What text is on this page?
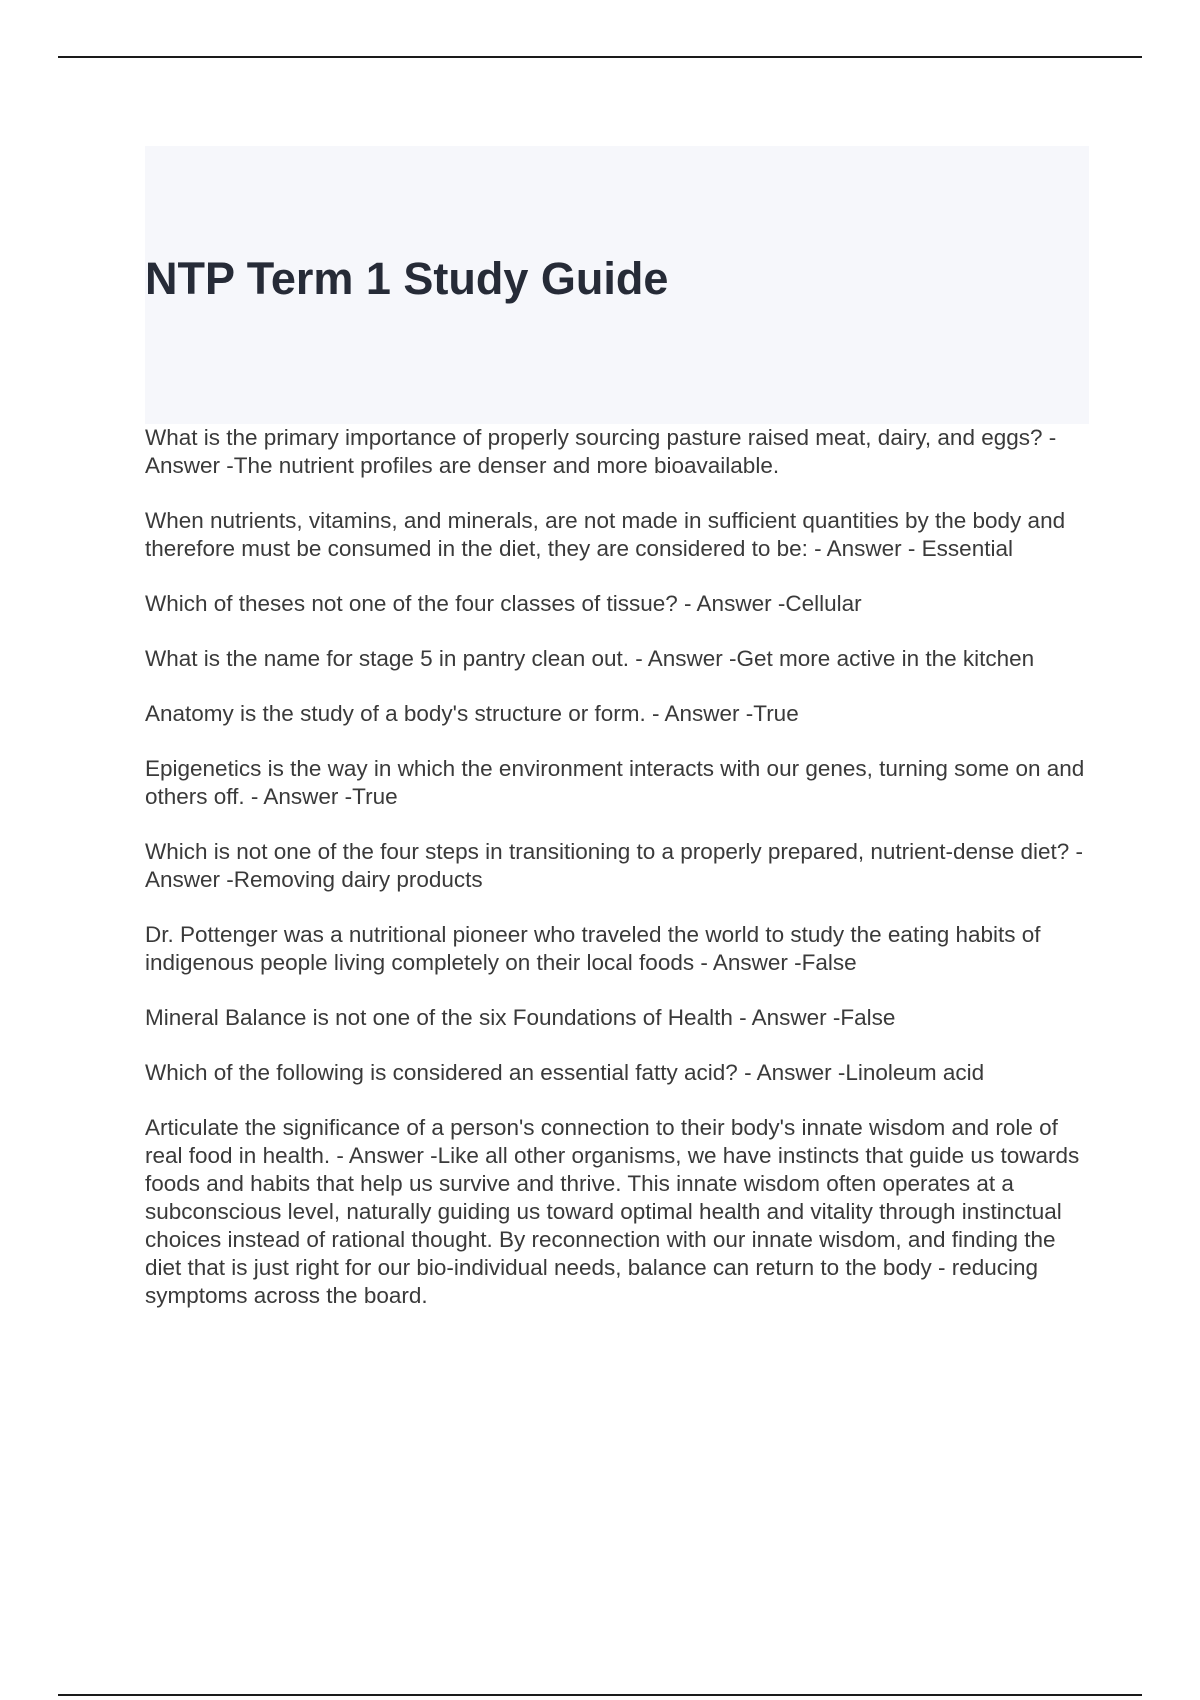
NTP Term 1 Study Guide

What is the primary importance of properly sourcing pasture raised meat, dairy, and eggs? - Answer -The nutrient profiles are denser and more bioavailable.

When nutrients, vitamins, and minerals, are not made in sufficient quantities by the body and therefore must be consumed in the diet, they are considered to be: - Answer - Essential

Which of theses not one of the four classes of tissue? - Answer -Cellular

What is the name for stage 5 in pantry clean out. - Answer -Get more active in the kitchen

Anatomy is the study of a body's structure or form. - Answer -True

Epigenetics is the way in which the environment interacts with our genes, turning some on and others off. - Answer -True

Which is not one of the four steps in transitioning to a properly prepared, nutrient-dense diet? - Answer -Removing dairy products

Dr. Pottenger was a nutritional pioneer who traveled the world to study the eating habits of indigenous people living completely on their local foods - Answer -False

Mineral Balance is not one of the six Foundations of Health - Answer -False

Which of the following is considered an essential fatty acid? - Answer -Linoleum acid

Articulate the significance of a person's connection to their body's innate wisdom and role of real food in health. - Answer -Like all other organisms, we have instincts that guide us towards foods and habits that help us survive and thrive. This innate wisdom often operates at a subconscious level, naturally guiding us toward optimal health and vitality through instinctual choices instead of rational thought. By reconnection with our innate wisdom, and finding the diet that is just right for our bio-individual needs, balance can return to the body - reducing symptoms across the board.
